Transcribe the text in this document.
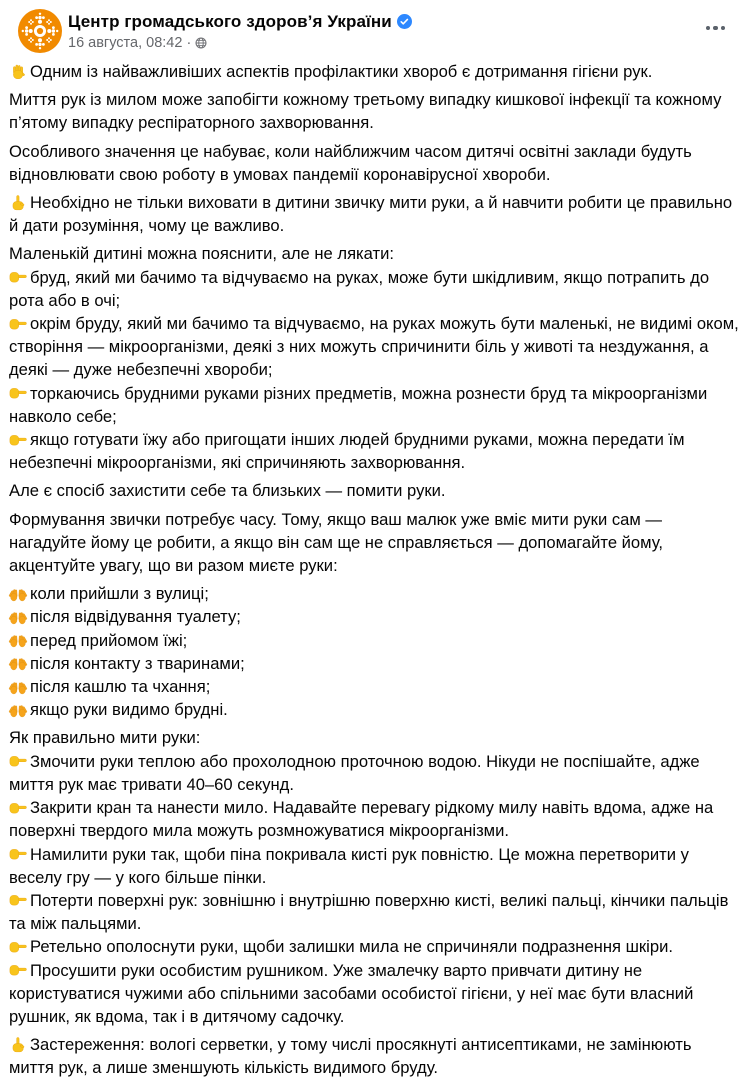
Центр громадського здоров’я України
16 августа, 08:42 ·
Одним із найважливіших аспектів профілактики хвороб є дотримання гігієни рук.
Миття рук із милом може запобігти кожному третьому випадку кишкової інфекції та кожному п’ятому випадку респіраторного захворювання.
Особливого значення це набуває, коли найближчим часом дитячі освітні заклади будуть відновлювати свою роботу в умовах пандемії коронавірусної хвороби.
Необхідно не тільки виховати в дитини звичку мити руки, а й навчити робити це правильно й дати розуміння, чому це важливо.
Маленькій дитині можна пояснити, але не лякати:
бруд, який ми бачимо та відчуваємо на руках, може бути шкідливим, якщо потрапить до рота або в очі;
окрім бруду, який ми бачимо та відчуваємо, на руках можуть бути маленькі, не видимі оком, створіння — мікроорганізми, деякі з них можуть спричинити біль у животі та нездужання, а деякі — дуже небезпечні хвороби;
торкаючись брудними руками різних предметів, можна рознести бруд та мікроорганізми навколо себе;
якщо готувати їжу або пригощати інших людей брудними руками, можна передати їм небезпечні мікроорганізми, які спричиняють захворювання.
Але є спосіб захистити себе та близьких — помити руки.
Формування звички потребує часу. Тому, якщо ваш малюк уже вміє мити руки сам — нагадуйте йому це робити, а якщо він сам ще не справляється — допомагайте йому, акцентуйте увагу, що ви разом миєте руки:
коли прийшли з вулиці;
після відвідування туалету;
перед прийомом їжі;
після контакту з тваринами;
після кашлю та чхання;
якщо руки видимо брудні.
Як правильно мити руки:
Змочити руки теплою або прохолодною проточною водою. Нікуди не поспішайте, адже миття рук має тривати 40–60 секунд.
Закрити кран та нанести мило. Надавайте перевагу рідкому милу навіть вдома, адже на поверхні твердого мила можуть розмножуватися мікроорганізми.
Намилити руки так, щоби піна покривала кисті рук повністю. Це можна перетворити у веселу гру — у кого більше пінки.
Потерти поверхні рук: зовнішню і внутрішню поверхню кисті, великі пальці, кінчики пальців та між пальцями.
Ретельно ополоснути руки, щоби залишки мила не спричиняли подразнення шкіри.
Просушити руки особистим рушником. Уже змалечку варто привчати дитину не користуватися чужими або спільними засобами особистої гігієни, у неї має бути власний рушник, як вдома, так і в дитячому садочку.
Застереження: вологі серветки, у тому числі просякнуті антисептиками, не замінюють миття рук, а лише зменшують кількість видимого бруду.
